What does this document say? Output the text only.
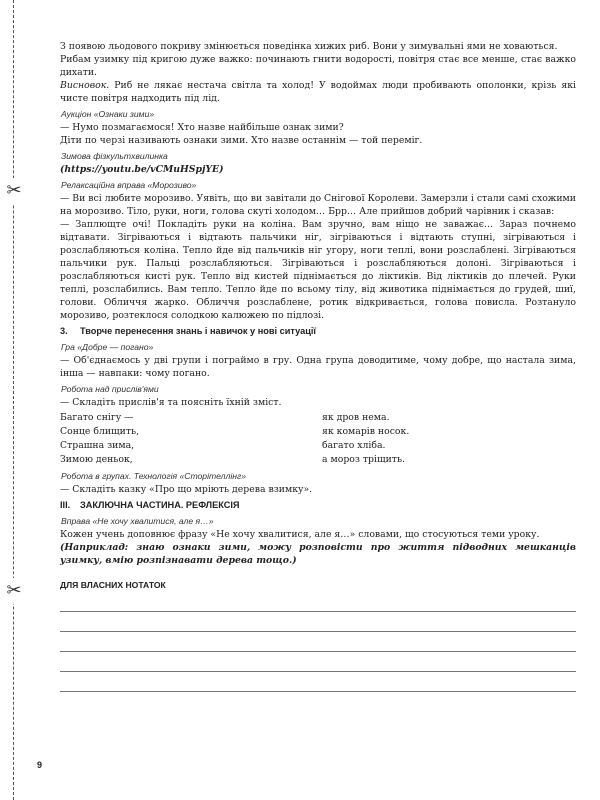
✂
✂

З появою льодового покриву змінюється поведінка хижих риб. Вони у зимувальні ями не ховаються.

Рибам узимку під кригою дуже важко: починають гнити водорості, повітря стає все менше, стає важко дихати.

Висновок. Риб не лякає нестача світла та холод! У водоймах люди пробивають ополонки, крізь які чисте повітря надходить під лід.

Аукціон «Ознаки зими»

— Нумо позмагаємося! Хто назве найбільше ознак зими?

Діти по черзі називають ознаки зими. Хто назве останнім — той переміг.

Зимова фізкультхвилинка

(https://youtu.be/vCMuHSpjYE)

Релаксаційна вправа «Морозиво»

— Ви всі любите морозиво. Уявіть, що ви завітали до Сніговoї Королеви. Замерзли і стали самі схожими на морозиво. Тіло, руки, ноги, голова скуті холодом… Брр… Але прийшов добрий чарівник і сказав:

— Заплющте очі! Покладіть руки на коліна. Вам зручно, вам ніщо не заважає… Зараз почнемо відтавати. Зігріваються і відтають пальчики ніг, зігріваються і відтають ступні, зігріваються і розслабляються коліна. Тепло йде від пальчиків ніг угору, ноги теплі, вони розслаблені. Зігріваються пальчики рук. Пальці розслабляються. Зігріваються і розслабляються долоні. Зігріваються і розслабляються кисті рук. Тепло від кистей піднімається до ліктиків. Від ліктиків до плечей. Руки теплі, розслабились. Вам тепло. Тепло йде по всьому тілу, від животика піднімається до грудей, шиї, голови. Обличчя жарко. Обличчя розслаблене, ротик відкривається, голова повисла. Розтануло морозиво, розтеклося солодкою калюжею по підлозі.

3. Творче перенесення знань і навичок у нові ситуації

Гра «Добре — погано»

— Об'єднаємось у дві групи і пограймо в гру. Одна група доводитиме, чому добре, що настала зима, інша — навпаки: чому погано.

Робота над прислів'ями

— Складіть прислів'я та поясніть їхній зміст.

Багато снігу —	як дров нема.
Сонце блищить,	як комарів носок.
Страшна зима,	багато хліба.
Зимою деньок,	а мороз тріщить.

Робота в групах. Технологія «Сторітеллінг»

— Складіть казку «Про що мріють дерева взимку».

III. ЗАКЛЮЧНА ЧАСТИНА. РЕФЛЕКСІЯ

Вправа «Не хочу хвалитися, але я…»

Кожен учень доповнює фразу «Не хочу хвалитися, але я…» словами, що стосуються теми уроку.

(Наприклад: знаю ознаки зими, можу розповісти про життя підводних мешканців узимку, вмію розпізнавати дерева тощо.)

ДЛЯ ВЛАСНИХ НОТАТОК

9
